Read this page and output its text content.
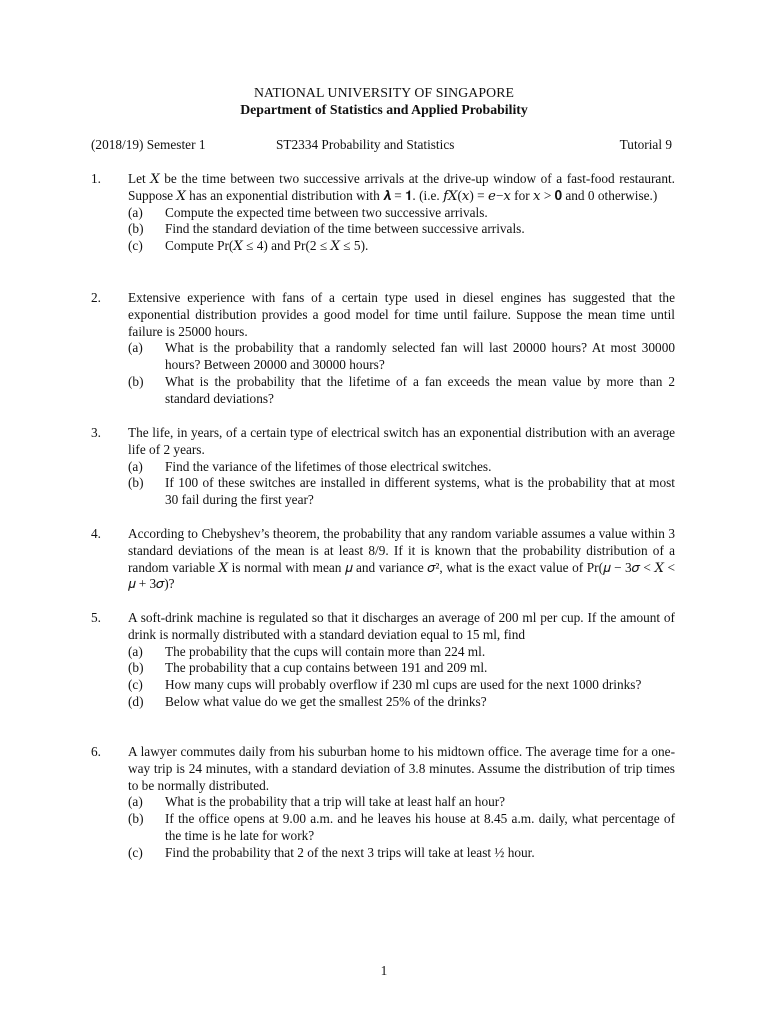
NATIONAL UNIVERSITY OF SINGAPORE
Department of Statistics and Applied Probability
(2018/19) Semester 1	ST2334 Probability and Statistics	Tutorial 9
1. Let 𝑋 be the time between two successive arrivals at the drive-up window of a fast-food restaurant. Suppose 𝑋 has an exponential distribution with 𝝀 = 𝟏. (i.e. 𝑓𝑋(𝑥) = 𝑒−𝑥 for 𝑥 > 𝟎 and 0 otherwise.)

(a) Compute the expected time between two successive arrivals.

(b) Find the standard deviation of the time between successive arrivals.

(c) Compute Pr(𝑋 ≤ 4) and Pr(2 ≤ 𝑋 ≤ 5).

2. Extensive experience with fans of a certain type used in diesel engines has suggested that the exponential distribution provides a good model for time until failure. Suppose the mean time until failure is 25000 hours.

(a) What is the probability that a randomly selected fan will last 20000 hours? At most 30000 hours? Between 20000 and 30000 hours?

(b) What is the probability that the lifetime of a fan exceeds the mean value by more than 2 standard deviations?

3. The life, in years, of a certain type of electrical switch has an exponential distribution with an average life of 2 years.

(a) Find the variance of the lifetimes of those electrical switches.

(b) If 100 of these switches are installed in different systems, what is the probability that at most 30 fail during the first year?

4. According to Chebyshev’s theorem, the probability that any random variable assumes a value within 3 standard deviations of the mean is at least 8/9. If it is known that the probability distribution of a random variable 𝑋 is normal with mean 𝜇 and variance 𝜎², what is the exact value of Pr(𝜇 − 3𝜎 < 𝑋 < 𝜇 + 3𝜎)?

5. A soft-drink machine is regulated so that it discharges an average of 200 ml per cup. If the amount of drink is normally distributed with a standard deviation equal to 15 ml, find

(a) The probability that the cups will contain more than 224 ml.

(b) The probability that a cup contains between 191 and 209 ml.

(c) How many cups will probably overflow if 230 ml cups are used for the next 1000 drinks?

(d) Below what value do we get the smallest 25% of the drinks?

6. A lawyer commutes daily from his suburban home to his midtown office. The average time for a one-way trip is 24 minutes, with a standard deviation of 3.8 minutes. Assume the distribution of trip times to be normally distributed.

(a) What is the probability that a trip will take at least half an hour?

(b) If the office opens at 9.00 a.m. and he leaves his house at 8.45 a.m. daily, what percentage of the time is he late for work?

(c) Find the probability that 2 of the next 3 trips will take at least ½ hour.

1
